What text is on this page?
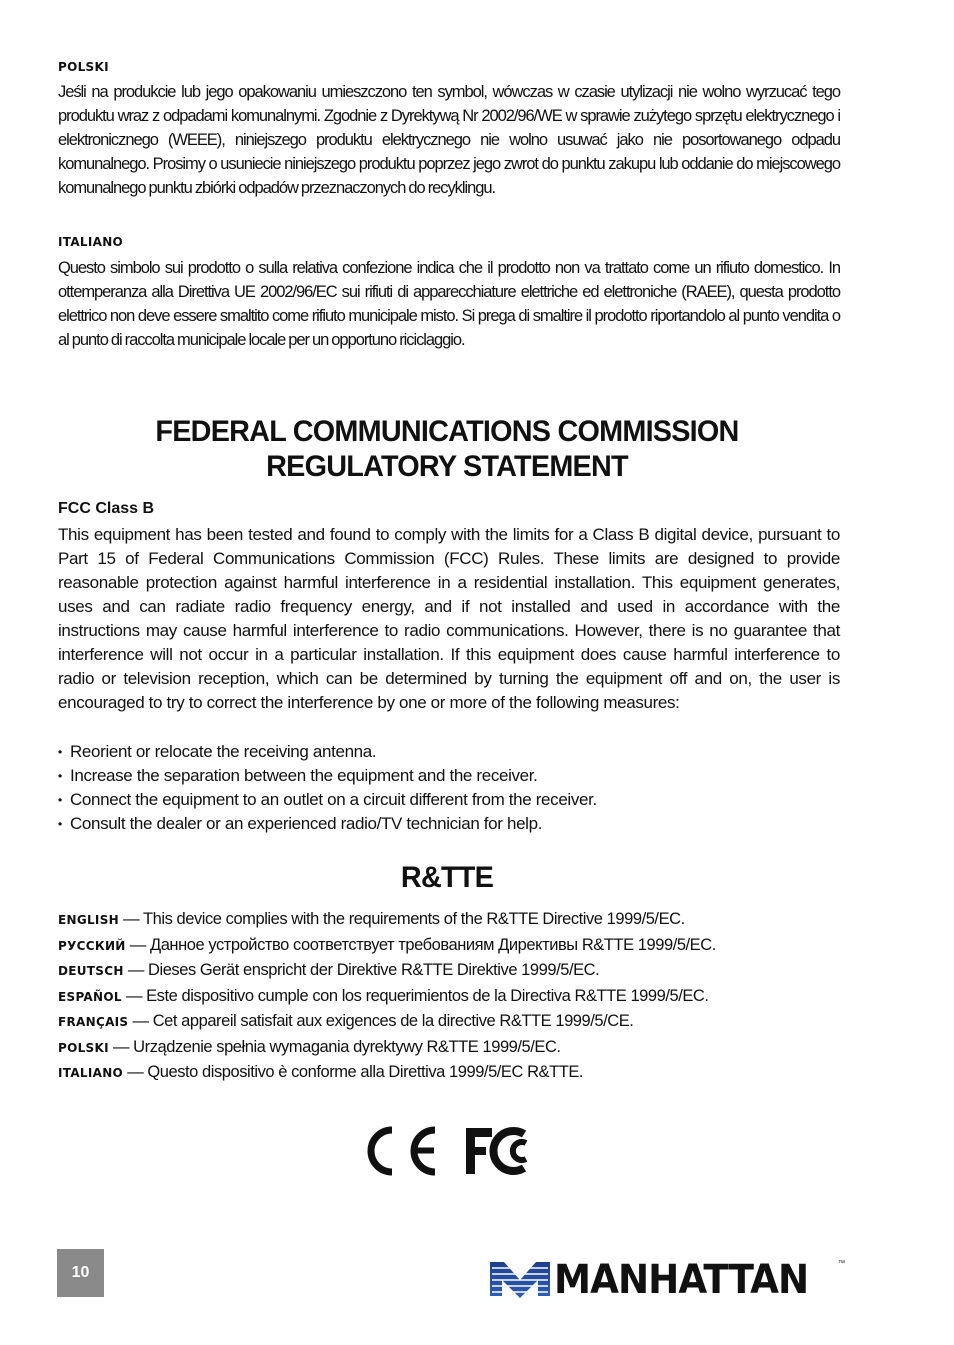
POLSKI

Jeśli na produkcie lub jego opakowaniu umieszczono ten symbol, wówczas w czasie utylizacji nie wolno wyrzucać tego produktu wraz z odpadami komunalnymi. Zgodnie z Dyrektywą Nr 2002/96/WE w sprawie zużytego sprzętu elektrycznego i elektronicznego (WEEE), niniejszego produktu elektrycznego nie wolno usuwać jako nie posortowanego odpadu komunalnego. Prosimy o usuniecie niniejszego produktu poprzez jego zwrot do punktu zakupu lub oddanie do miejscowego komunalnego punktu zbiórki odpadów przeznaczonych do recyklingu.

ITALIANO

Questo simbolo sui prodotto o sulla relativa confezione indica che il prodotto non va trattato come un rifiuto domestico. In ottemperanza alla Direttiva UE 2002/96/EC sui rifiuti di apparecchiature elettriche ed elettroniche (RAEE), questa prodotto elettrico non deve essere smaltito come rifiuto municipale misto. Si prega di smaltire il prodotto riportandolo al punto vendita o al punto di raccolta municipale locale per un opportuno riciclaggio.

FEDERAL COMMUNICATIONS COMMISSION
REGULATORY STATEMENT
FCC Class B

This equipment has been tested and found to comply with the limits for a Class B digital device, pursuant to Part 15 of Federal Communications Commission (FCC) Rules. These limits are designed to provide reasonable protection against harmful interference in a residential installation. This equipment generates, uses and can radiate radio frequency energy, and if not installed and used in accordance with the instructions may cause harmful interference to radio communications. However, there is no guarantee that interference will not occur in a particular installation. If this equipment does cause harmful interference to radio or television reception, which can be determined by turning the equipment off and on, the user is encouraged to try to correct the interference by one or more of the following measures:

• Reorient or relocate the receiving antenna.
• Increase the separation between the equipment and the receiver.
• Connect the equipment to an outlet on a circuit different from the receiver.
• Consult the dealer or an experienced radio/TV technician for help.
R&TTE
ENGLISH — This device complies with the requirements of the R&TTE Directive 1999/5/EC.
РУССКИЙ — Данное устройство соответствует требованиям Директивы R&TTE 1999/5/EC.
DEUTSCH — Dieses Gerät enspricht der Direktive R&TTE Direktive 1999/5/EC.
ESPAÑOL — Este dispositivo cumple con los requerimientos de la Directiva R&TTE 1999/5/EC.
FRANÇAIS — Cet appareil satisfait aux exigences de la directive R&TTE 1999/5/CE.
POLSKI — Urządzenie spełnia wymagania dyrektywy R&TTE 1999/5/EC.
ITALIANO — Questo dispositivo è conforme alla Direttiva 1999/5/EC R&TTE.
10	MANHATTAN	™
